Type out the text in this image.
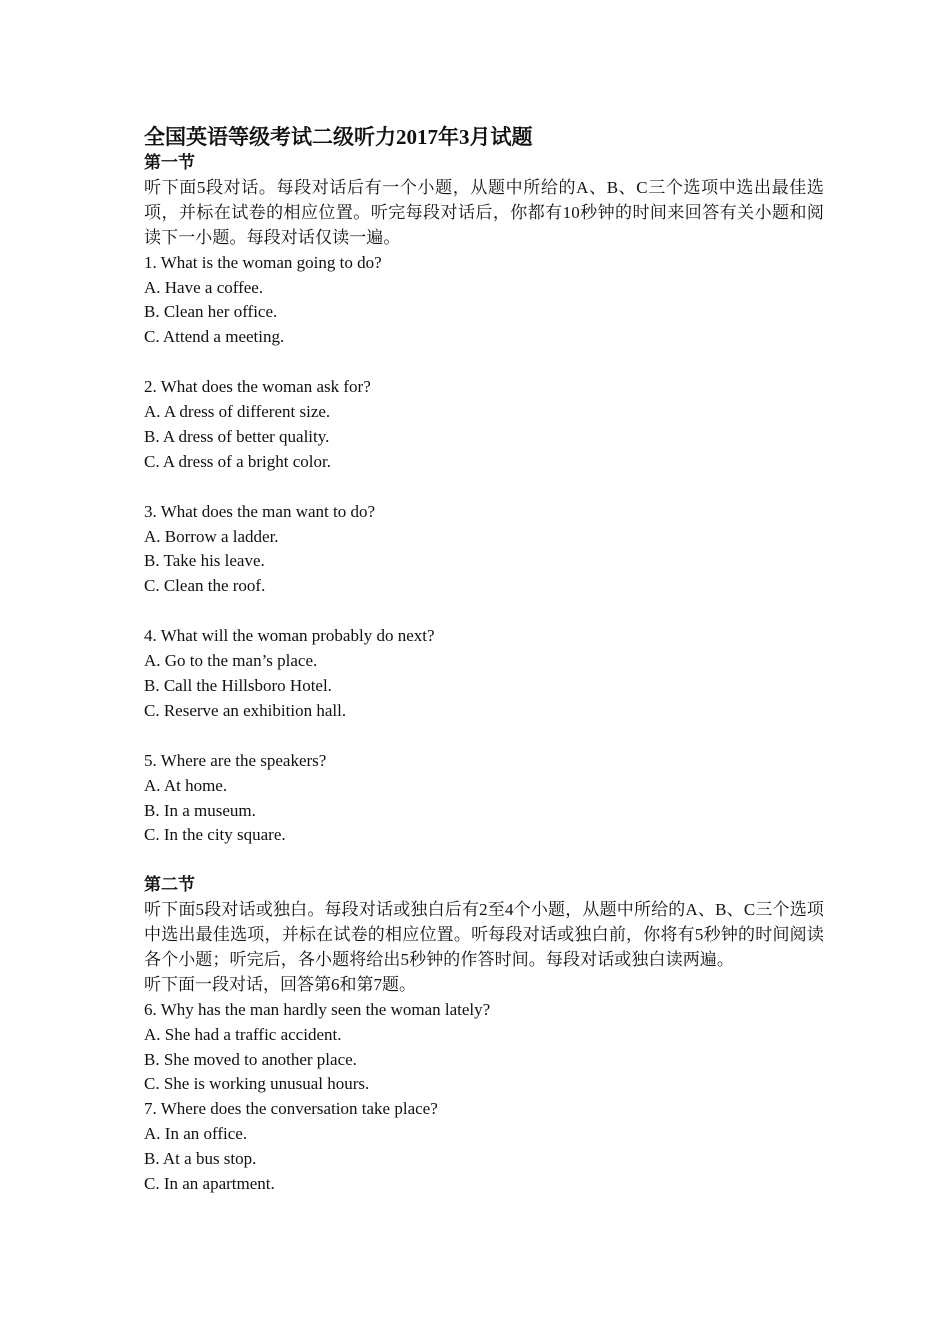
全国英语等级考试二级听力2017年3月试题

第一节

听下面5段对话。每段对话后有一个小题，从题中所给的A、B、C三个选项中选出最佳选项，并标在试卷的相应位置。听完每段对话后，你都有10秒钟的时间来回答有关小题和阅读下一小题。每段对话仅读一遍。

1. What is the woman going to do?

A. Have a coffee.

B. Clean her office.

C. Attend a meeting.

2. What does the woman ask for?

A. A dress of different size.

B. A dress of better quality.

C. A dress of a bright color.

3. What does the man want to do?

A. Borrow a ladder.

B. Take his leave.

C. Clean the roof.

4. What will the woman probably do next?

A. Go to the man’s place.

B. Call the Hillsboro Hotel.

C. Reserve an exhibition hall.

5. Where are the speakers?

A. At home.

B. In a museum.

C. In the city square.

第二节

听下面5段对话或独白。每段对话或独白后有2至4个小题，从题中所给的A、B、C三个选项中选出最佳选项，并标在试卷的相应位置。听每段对话或独白前，你将有5秒钟的时间阅读各个小题；听完后，各小题将给出5秒钟的作答时间。每段对话或独白读两遍。

听下面一段对话，回答第6和第7题。

6. Why has the man hardly seen the woman lately?

A. She had a traffic accident.

B. She moved to another place.

C. She is working unusual hours.

7. Where does the conversation take place?

A. In an office.

B. At a bus stop.

C. In an apartment.
